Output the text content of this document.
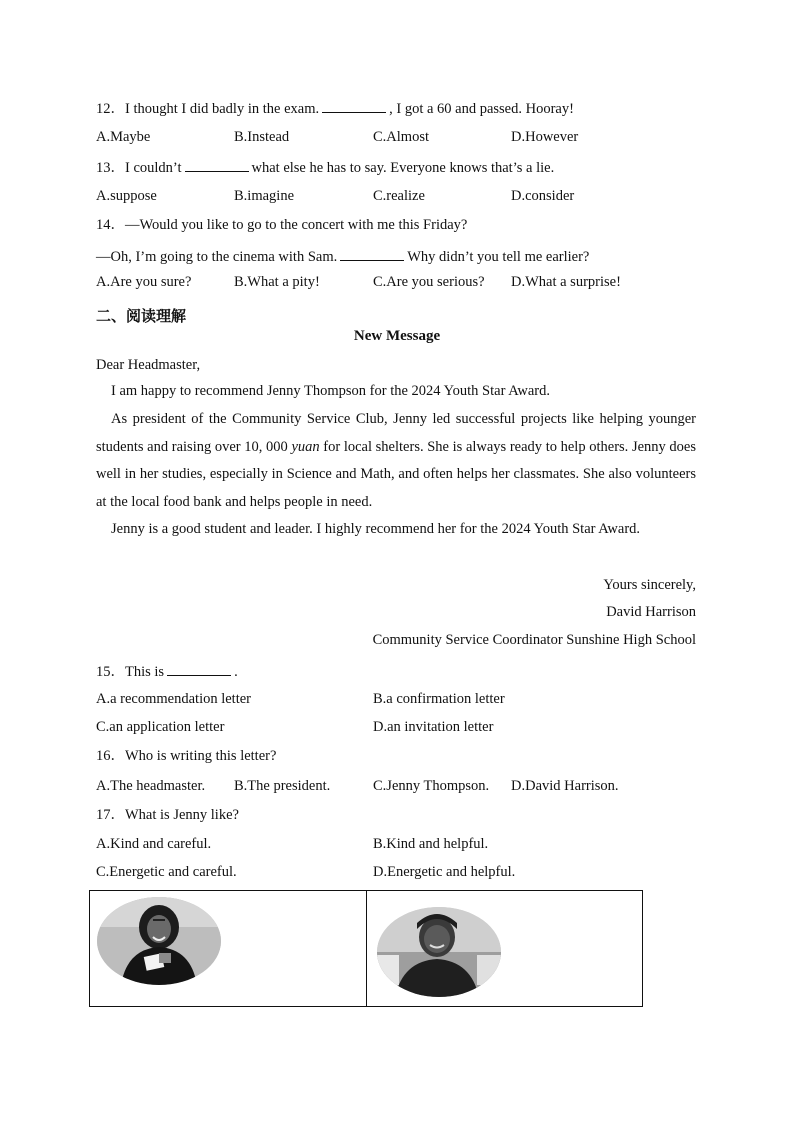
12．I thought I did badly in the exam.	, I got a 60 and passed. Hooray!
A.Maybe	B.Instead	C.Almost	D.However
13．I couldn’t	what else he has to say. Everyone knows that’s a lie.
A.suppose	B.imagine	C.realize	D.consider
14．—Would you like to go to the concert with me this Friday?
—Oh, I’m going to the cinema with Sam.	Why didn’t you tell me earlier?
A.Are you sure?	B.What a pity!	C.Are you serious? D.What a surprise!
二、阅读理解
New Message
Dear Headmaster,
I am happy to recommend Jenny Thompson for the 2024 Youth Star Award.
As president of the Community Service Club, Jenny led successful projects like helping younger students and raising over 10, 000 yuan for local shelters. She is always ready to help others. Jenny does well in her studies, especially in Science and Math, and often helps her classmates. She also volunteers at the local food bank and helps people in need.
Jenny is a good student and leader. I highly recommend her for the 2024 Youth Star Award.
Yours sincerely,
David Harrison
Community Service Coordinator Sunshine High School
15．This is	.
A.a recommendation letter	B.a confirmation letter
C.an application letter	D.an invitation letter
16．Who is writing this letter?
A.The headmaster. B.The president.	C.Jenny Thompson. D.David Harrison.
17．What is Jenny like?
A.Kind and careful.	B.Kind and helpful.
C.Energetic and careful.	D.Energetic and helpful.
